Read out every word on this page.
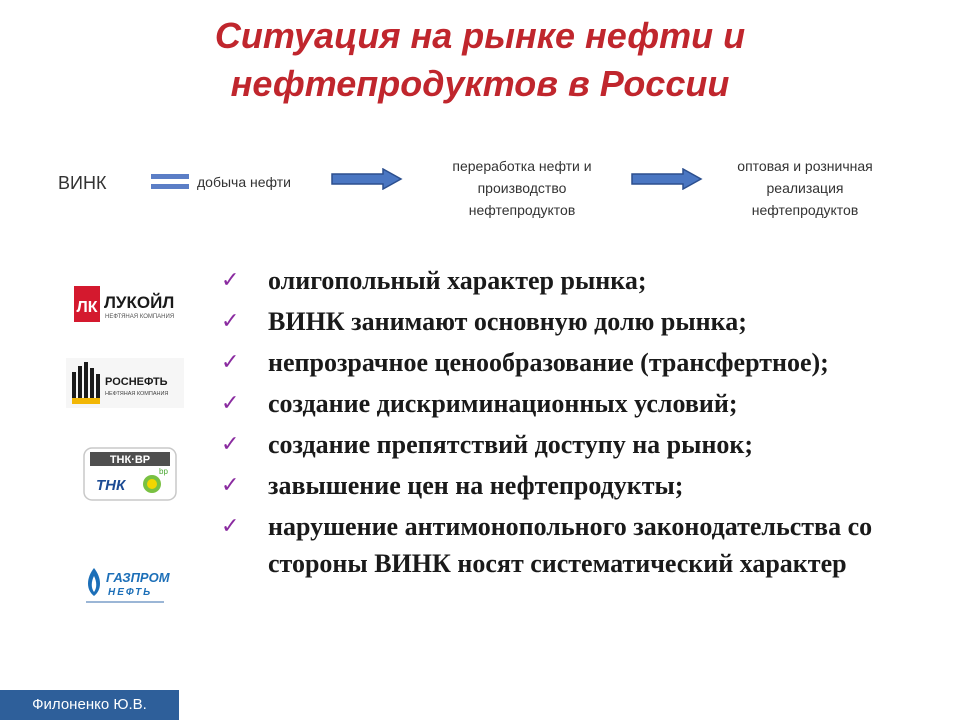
Ситуация на рынке нефти и
нефтепродуктов в России
ВИНК	добыча нефти
переработка нефти и
производство
нефтепродуктов
оптовая и розничная
реализация
нефтепродуктов
ЛК ЛУКОЙЛ
НЕФТЯНАЯ КОМПАНИЯ
РОСНЕФТЬ
НЕФТЯНАЯ КОМПАНИЯ
ТНК·ВР
ТНК
bp
ГАЗПРОМ
НЕФТЬ
✓ олигопольный характер рынка;
✓ ВИНК занимают основную долю рынка;
✓ непрозрачное ценообразование (трансфертное);
✓ создание дискриминационных условий;
✓ создание препятствий доступу на рынок;
✓ завышение цен на нефтепродукты;
✓ нарушение антимонопольного законодательства со стороны ВИНК носят систематический характер
Филоненко Ю.В.
